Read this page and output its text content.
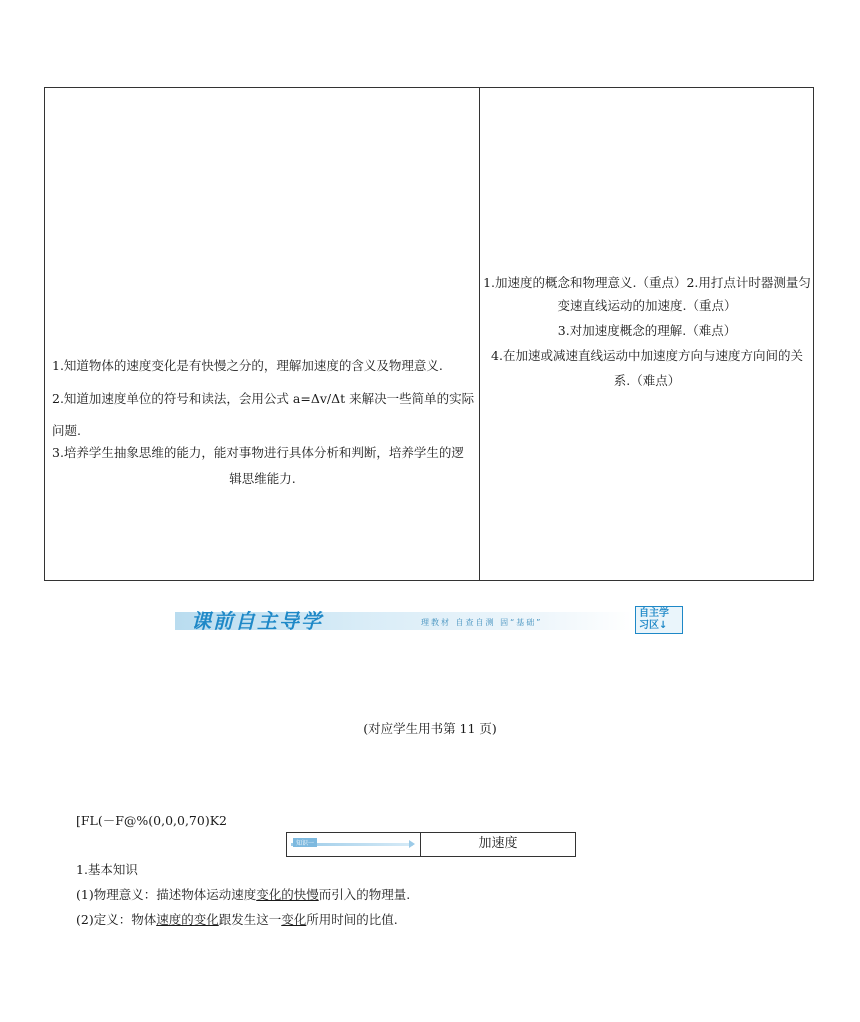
1.知道物体的速度变化是有快慢之分的，理解加速度的含义及物理意义.
2.知道加速度单位的符号和读法，会用公式 a=Δv/Δt 来解决一些简单的实际
问题.
3.培养学生抽象思维的能力，能对事物进行具体分析和判断，培养学生的逻
辑思维能力.
1.加速度的概念和物理意义.（重点）2.用打点计时器测量匀
变速直线运动的加速度.（重点）
3.对加速度概念的理解.（难点）
4.在加速或减速直线运动中加速度方向与速度方向间的关
系.（难点）
课前自主导学	理教材 自查自测 固“基础”
自主学
习区↓
(对应学生用书第 11 页)
[FL(－F@%(0,0,0,70)K2
知识一	加速度
1.基本知识
(1)物理意义：描述物体运动速度变化的快慢而引入的物理量.
(2)定义：物体速度的变化跟发生这一变化所用时间的比值.
